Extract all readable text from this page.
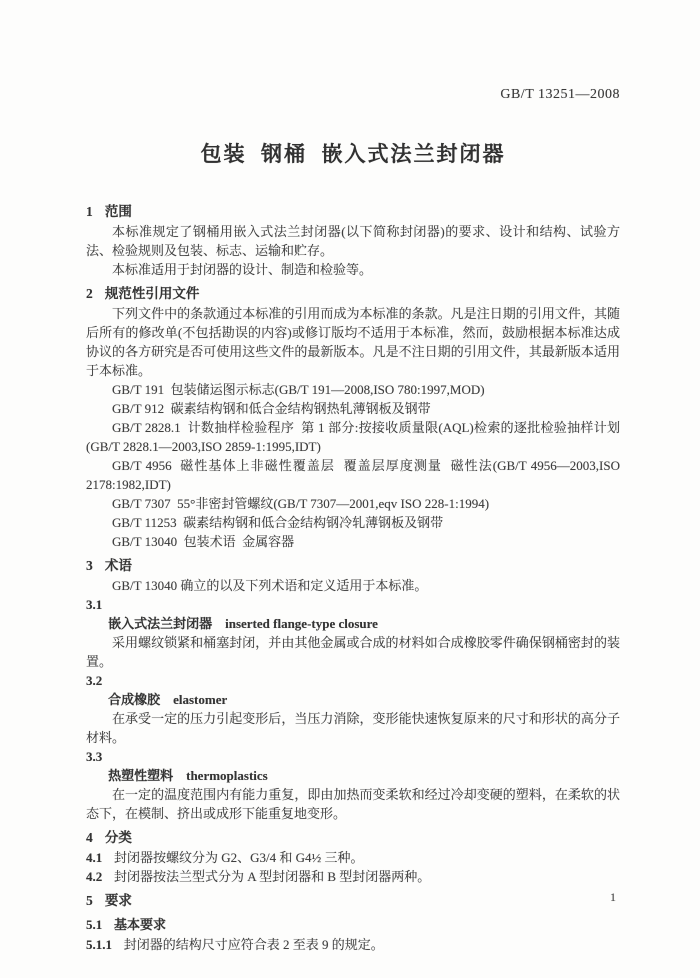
GB/T 13251—2008
包装  钢桶  嵌入式法兰封闭器
1 范围

本标准规定了钢桶用嵌入式法兰封闭器(以下简称封闭器)的要求、设计和结构、试验方法、检验规则及包装、标志、运输和贮存。

本标准适用于封闭器的设计、制造和检验等。

2 规范性引用文件

下列文件中的条款通过本标准的引用而成为本标准的条款。凡是注日期的引用文件，其随后所有的修改单(不包括勘误的内容)或修订版均不适用于本标准，然而，鼓励根据本标准达成协议的各方研究是否可使用这些文件的最新版本。凡是不注日期的引用文件，其最新版本适用于本标准。

GB/T 191  包装储运图示标志(GB/T 191—2008,ISO 780:1997,MOD)

GB/T 912  碳素结构钢和低合金结构钢热轧薄钢板及钢带

GB/T 2828.1  计数抽样检验程序  第 1 部分:按接收质量限(AQL)检索的逐批检验抽样计划(GB/T 2828.1—2003,ISO 2859-1:1995,IDT)

GB/T 4956  磁性基体上非磁性覆盖层  覆盖层厚度测量  磁性法(GB/T 4956—2003,ISO 2178:1982,IDT)

GB/T 7307  55°非密封管螺纹(GB/T 7307—2001,eqv ISO 228-1:1994)

GB/T 11253  碳素结构钢和低合金结构钢冷轧薄钢板及钢带

GB/T 13040  包装术语  金属容器

3 术语

GB/T 13040 确立的以及下列术语和定义适用于本标准。

3.1

嵌入式法兰封闭器 inserted flange-type closure

采用螺纹锁紧和桶塞封闭，并由其他金属或合成的材料如合成橡胶零件确保钢桶密封的装置。

3.2

合成橡胶 elastomer

在承受一定的压力引起变形后，当压力消除，变形能快速恢复原来的尺寸和形状的高分子材料。

3.3

热塑性塑料 thermoplastics

在一定的温度范围内有能力重复，即由加热而变柔软和经过冷却变硬的塑料，在柔软的状态下，在模制、挤出或成形下能重复地变形。

4 分类

4.1 封闭器按螺纹分为 G2、G3/4 和 G4½ 三种。

4.2 封闭器按法兰型式分为 A 型封闭器和 B 型封闭器两种。

5 要求
5.1 基本要求

5.1.1 封闭器的结构尺寸应符合表 2 至表 9 的规定。

1
